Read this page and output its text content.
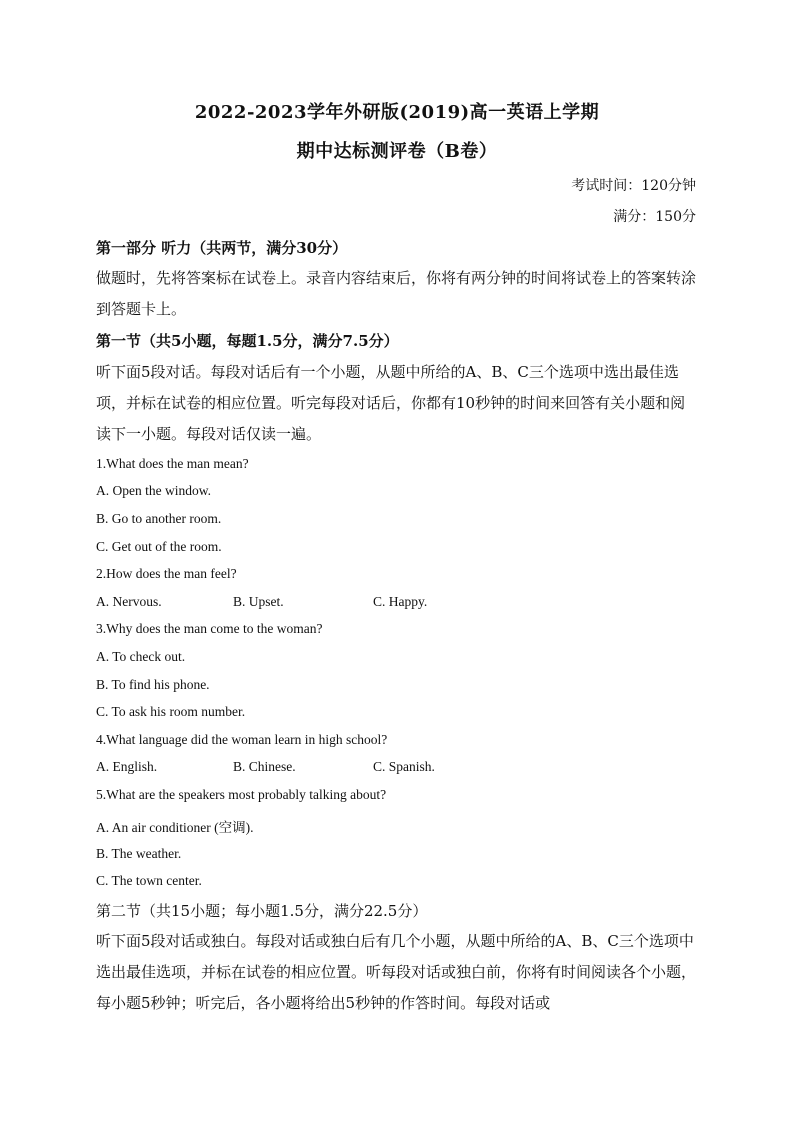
2022-2023学年外研版(2019)高一英语上学期
期中达标测评卷（B卷）
考试时间：120分钟
满分：150分
第一部分 听力（共两节，满分30分）
做题时，先将答案标在试卷上。录音内容结束后，你将有两分钟的时间将试卷上的答案转涂到答题卡上。
第一节（共5小题，每题1.5分，满分7.5分）
听下面5段对话。每段对话后有一个小题，从题中所给的A、B、C三个选项中选出最佳选项，并标在试卷的相应位置。听完每段对话后，你都有10秒钟的时间来回答有关小题和阅读下一小题。每段对话仅读一遍。
1.What does the man mean?
A. Open the window.
B. Go to another room.
C. Get out of the room.
2.How does the man feel?
A. Nervous.	B. Upset.	C. Happy.
3.Why does the man come to the woman?
A. To check out.
B. To find his phone.
C. To ask his room number.
4.What language did the woman learn in high school?
A. English.	B. Chinese.	C. Spanish.
5.What are the speakers most probably talking about?
A. An air conditioner (空调).
B. The weather.
C. The town center.
第二节（共15小题；每小题1.5分，满分22.5分）
听下面5段对话或独白。每段对话或独白后有几个小题，从题中所给的A、B、C三个选项中选出最佳选项，并标在试卷的相应位置。听每段对话或独白前，你将有时间阅读各个小题，每小题5秒钟；听完后，各小题将给出5秒钟的作答时间。每段对话或
